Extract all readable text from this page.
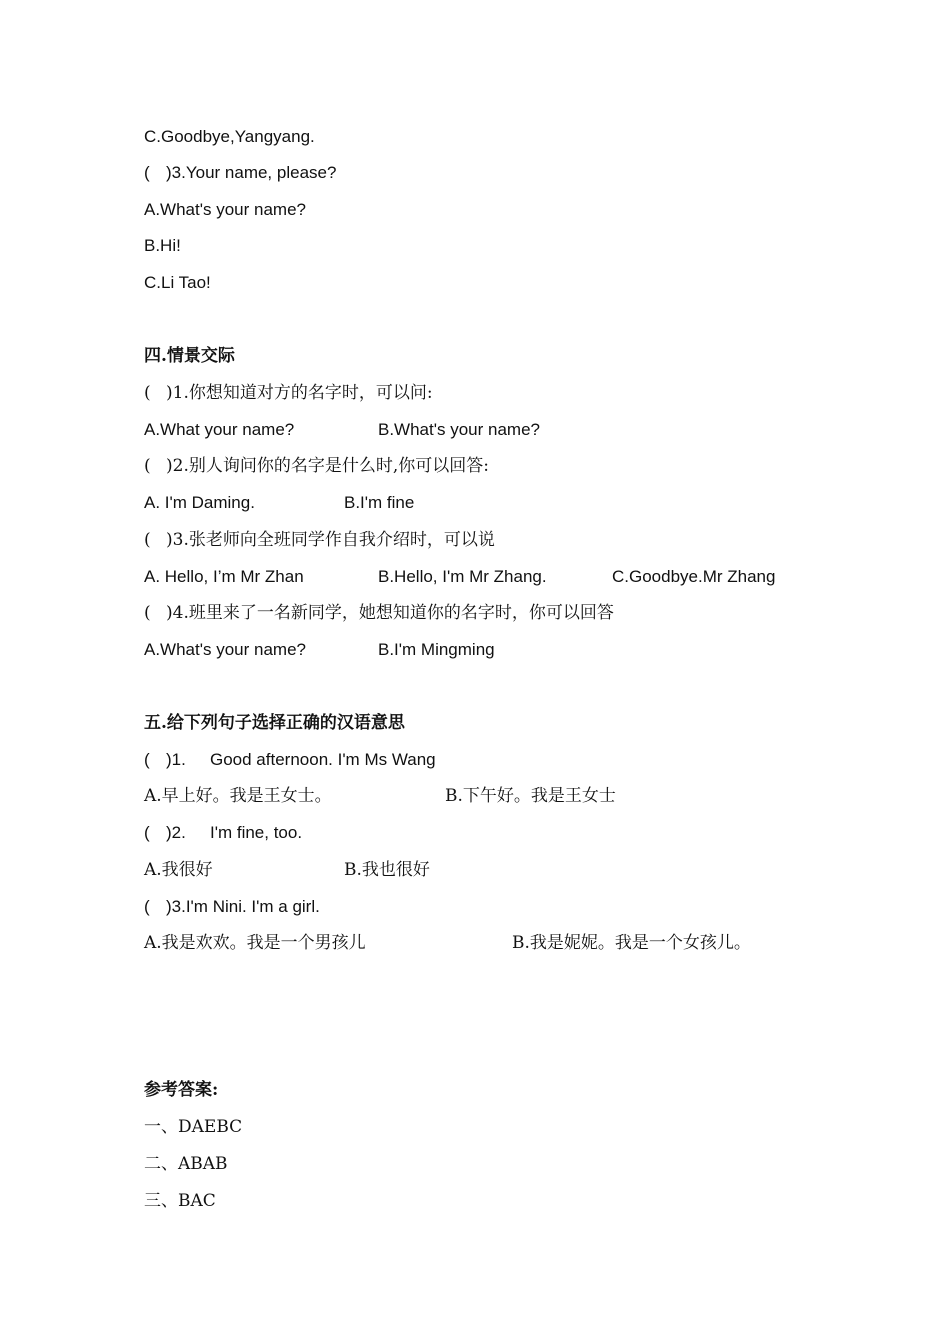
C.Goodbye,Yangyang.
( )3.Your name, please?
A.What's your name?
B.Hi!
C.Li Tao!
四.情景交际
( )1.你想知道对方的名字时，可以问:
A.What your name?	B.What's your name?
( )2.别人询问你的名字是什么时,你可以回答:
A. I'm Daming.	B.I'm fine
( )3.张老师向全班同学作自我介绍时，可以说
A. Hello, I’m Mr Zhan	B.Hello, I'm Mr Zhang.	C.Goodbye.Mr Zhang
( )4.班里来了一名新同学，她想知道你的名字时，你可以回答
A.What's your name?	B.I'm Mingming
五.给下列句子选择正确的汉语意思
( )1. Good afternoon. I'm Ms Wang
A.早上好。我是王女士。	B.下午好。我是王女士
( )2. I'm fine, too.
A.我很好	B.我也很好
( )3.I'm Nini. I'm a girl.
A.我是欢欢。我是一个男孩儿	B.我是妮妮。我是一个女孩儿。
参考答案:
一、DAEBC
二、ABAB
三、BAC
